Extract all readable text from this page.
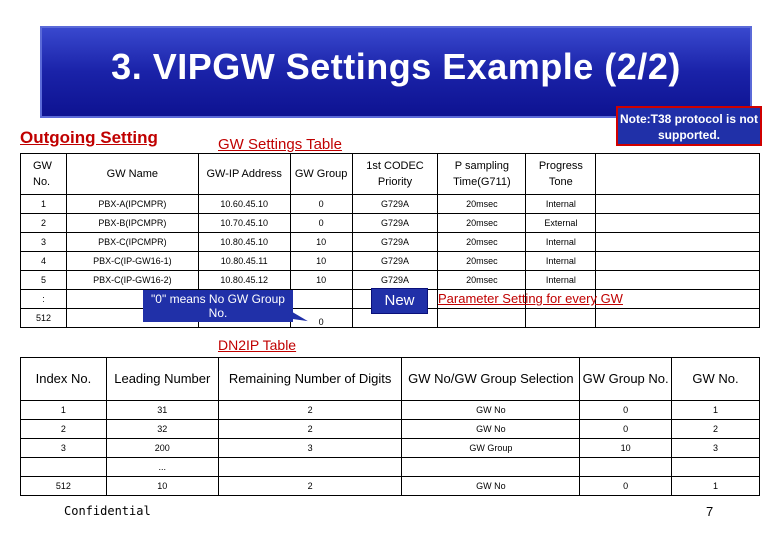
3. VIPGW Settings Example (2/2)
Note:T38 protocol is not supported.
Outgoing Setting	GW Settings Table
GW No.	GW Name	GW-IP Address	GW Group	1st CODEC Priority	P sampling Time(G711)	Progress Tone	
1	PBX-A(IPCMPR)	10.60.45.10	0	G729A	20msec	Internal	
2	PBX-B(IPCMPR)	10.70.45.10	0	G729A	20msec	External	
3	PBX-C(IPCMPR)	10.80.45.10	10	G729A	20msec	Internal	
4	PBX-C(IP-GW16-1)	10.80.45.11	10	G729A	20msec	Internal	
5	PBX-C(IP-GW16-2)	10.80.45.12	10	G729A	20msec	Internal	
:							
512			0				
"0" means No GW Group No.
New	Parameter Setting for every GW
DN2IP Table
Index No.	Leading Number	Remaining Number of Digits	GW No/GW Group Selection	GW Group No.	GW No.
1	31	2	GW No	0	1
2	32	2	GW No	0	2
3	200	3	GW Group	10	3
	...				
512	10	2	GW No	0	1
Confidential	7
